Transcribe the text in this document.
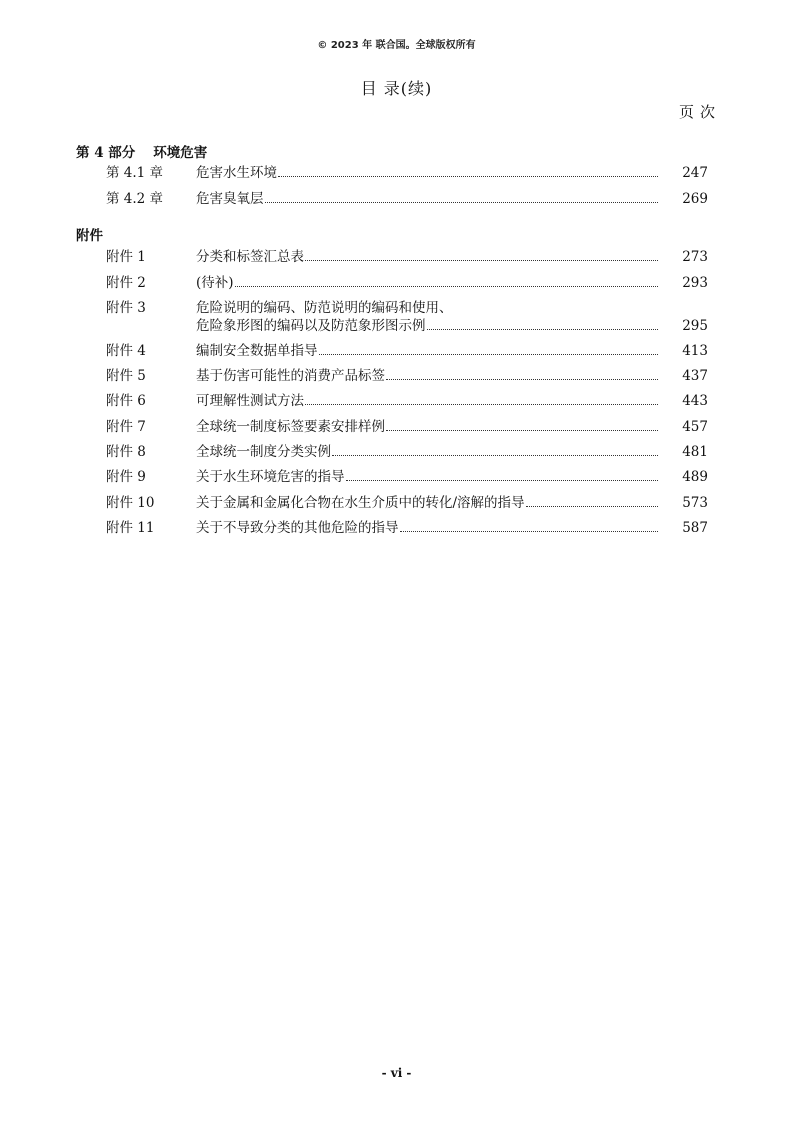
© 2023 年 联合国。全球版权所有
目 录(续)
页次
第 4 部分 环境危害
第 4.1 章 危害水生环境	247
第 4.2 章 危害臭氧层	269
附件
附件 1	分类和标签汇总表	273
附件 2	(待补)	293
附件 3	危险说明的编码、防范说明的编码和使用、
危险象形图的编码以及防范象形图示例	295
附件 4	编制安全数据单指导	413
附件 5	基于伤害可能性的消费产品标签	437
附件 6	可理解性测试方法	443
附件 7	全球统一制度标签要素安排样例	457
附件 8	全球统一制度分类实例	481
附件 9	关于水生环境危害的指导	489
附件 10	关于金属和金属化合物在水生介质中的转化/溶解的指导	573
附件 11	关于不导致分类的其他危险的指导	587
- vi -
